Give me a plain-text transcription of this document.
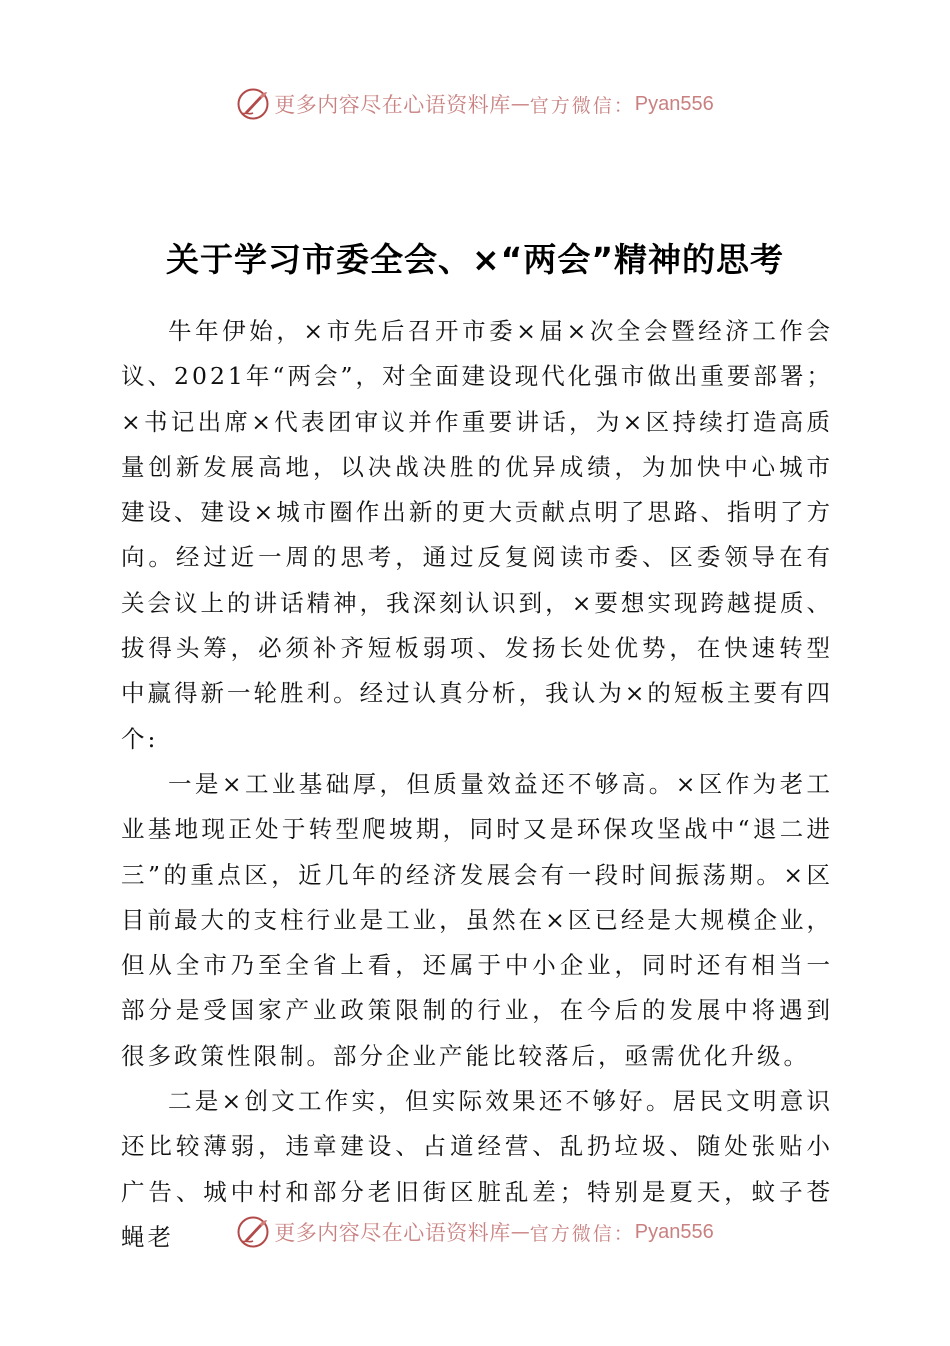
更多内容尽在心语资料库 — 官方微信： Pyan556
关于学习市委全会、×“两会”精神的思考

牛年伊始，×市先后召开市委×届×次全会暨经济工作会议、2021年“两会”，对全面建设现代化强市做出重要部署；×书记出席×代表团审议并作重要讲话，为×区持续打造高质量创新发展高地，以决战决胜的优异成绩，为加快中心城市建设、建设×城市圈作出新的更大贡献点明了思路、指明了方向。经过近一周的思考，通过反复阅读市委、区委领导在有关会议上的讲话精神，我深刻认识到，×要想实现跨越提质、拔得头筹，必须补齐短板弱项、发扬长处优势，在快速转型中赢得新一轮胜利。经过认真分析，我认为×的短板主要有四个:

一是×工业基础厚，但质量效益还不够高。×区作为老工业基地现正处于转型爬坡期，同时又是环保攻坚战中“退二进三”的重点区，近几年的经济发展会有一段时间振荡期。×区目前最大的支柱行业是工业，虽然在×区已经是大规模企业，但从全市乃至全省上看，还属于中小企业，同时还有相当一部分是受国家产业政策限制的行业，在今后的发展中将遇到很多政策性限制。部分企业产能比较落后，亟需优化升级。

二是×创文工作实，但实际效果还不够好。居民文明意识还比较薄弱，违章建设、占道经营、乱扔垃圾、随处张贴小广告、城中村和部分老旧街区脏乱差；特别是夏天，蚊子苍蝇老	更多内容尽在心语资料库 — 官方微信： Pyan556
